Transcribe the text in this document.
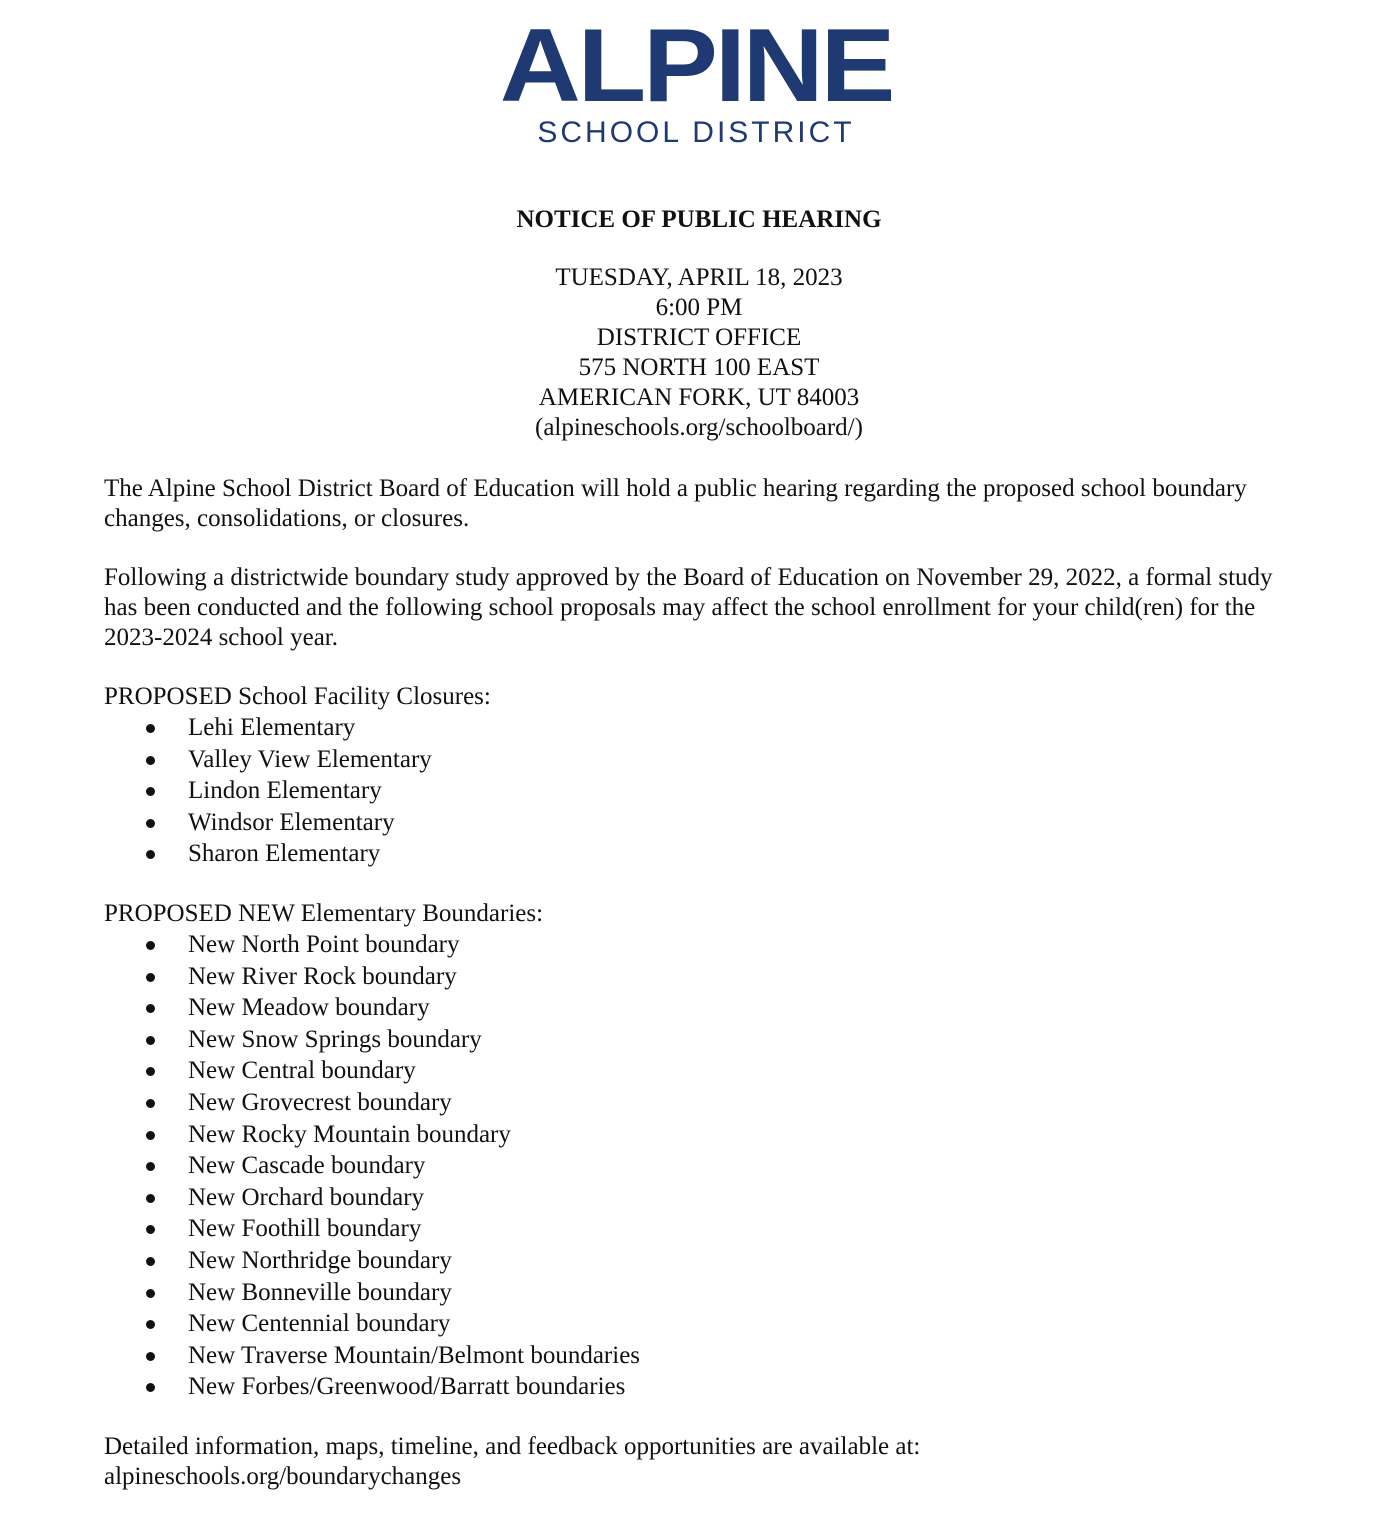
ALPINE
SCHOOL DISTRICT
NOTICE OF PUBLIC HEARING
TUESDAY, APRIL 18, 2023
6:00 PM
DISTRICT OFFICE
575 NORTH 100 EAST
AMERICAN FORK, UT 84003
(alpineschools.org/schoolboard/)

The Alpine School District Board of Education will hold a public hearing regarding the proposed school boundary changes, consolidations, or closures.

Following a districtwide boundary study approved by the Board of Education on November 29, 2022, a formal study has been conducted and the following school proposals may affect the school enrollment for your child(ren) for the 2023-2024 school year.

PROPOSED School Facility Closures:
Lehi Elementary
Valley View Elementary
Lindon Elementary
Windsor Elementary
Sharon Elementary
PROPOSED NEW Elementary Boundaries:
New North Point boundary
New River Rock boundary
New Meadow boundary
New Snow Springs boundary
New Central boundary
New Grovecrest boundary
New Rocky Mountain boundary
New Cascade boundary
New Orchard boundary
New Foothill boundary
New Northridge boundary
New Bonneville boundary
New Centennial boundary
New Traverse Mountain/Belmont boundaries
New Forbes/Greenwood/Barratt boundaries
Detailed information, maps, timeline, and feedback opportunities are available at:
alpineschools.org/boundarychanges
